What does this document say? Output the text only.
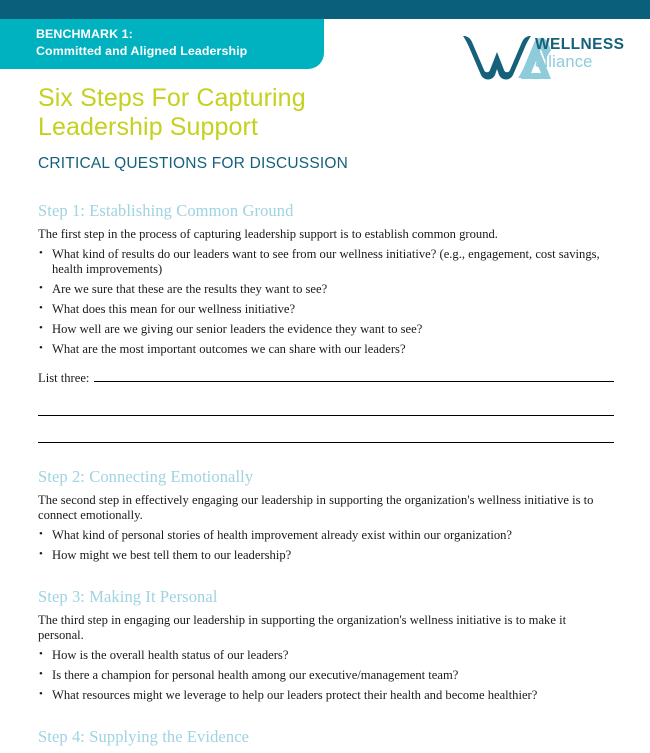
BENCHMARK 1:
Committed and Aligned Leadership	WELLNESS
alliance
Six Steps For Capturing
Leadership Support
CRITICAL QUESTIONS FOR DISCUSSION
Step 1: Establishing Common Ground

The first step in the process of capturing leadership support is to establish common ground.

• What kind of results do our leaders want to see from our wellness initiative? (e.g., engagement, cost savings, health improvements)
• Are we sure that these are the results they want to see?
• What does this mean for our wellness initiative?
• How well are we giving our senior leaders the evidence they want to see?
• What are the most important outcomes we can share with our leaders?
List three:
Step 2: Connecting Emotionally

The second step in effectively engaging our leadership in supporting the organization's wellness initiative is to connect emotionally.

• What kind of personal stories of health improvement already exist within our organization?
• How might we best tell them to our leadership?
Step 3: Making It Personal

The third step in engaging our leadership in supporting the organization's wellness initiative is to make it personal.

• How is the overall health status of our leaders?
• Is there a champion for personal health among our executive/management team?
• What resources might we leverage to help our leaders protect their health and become healthier?
Step 4: Supplying the Evidence
